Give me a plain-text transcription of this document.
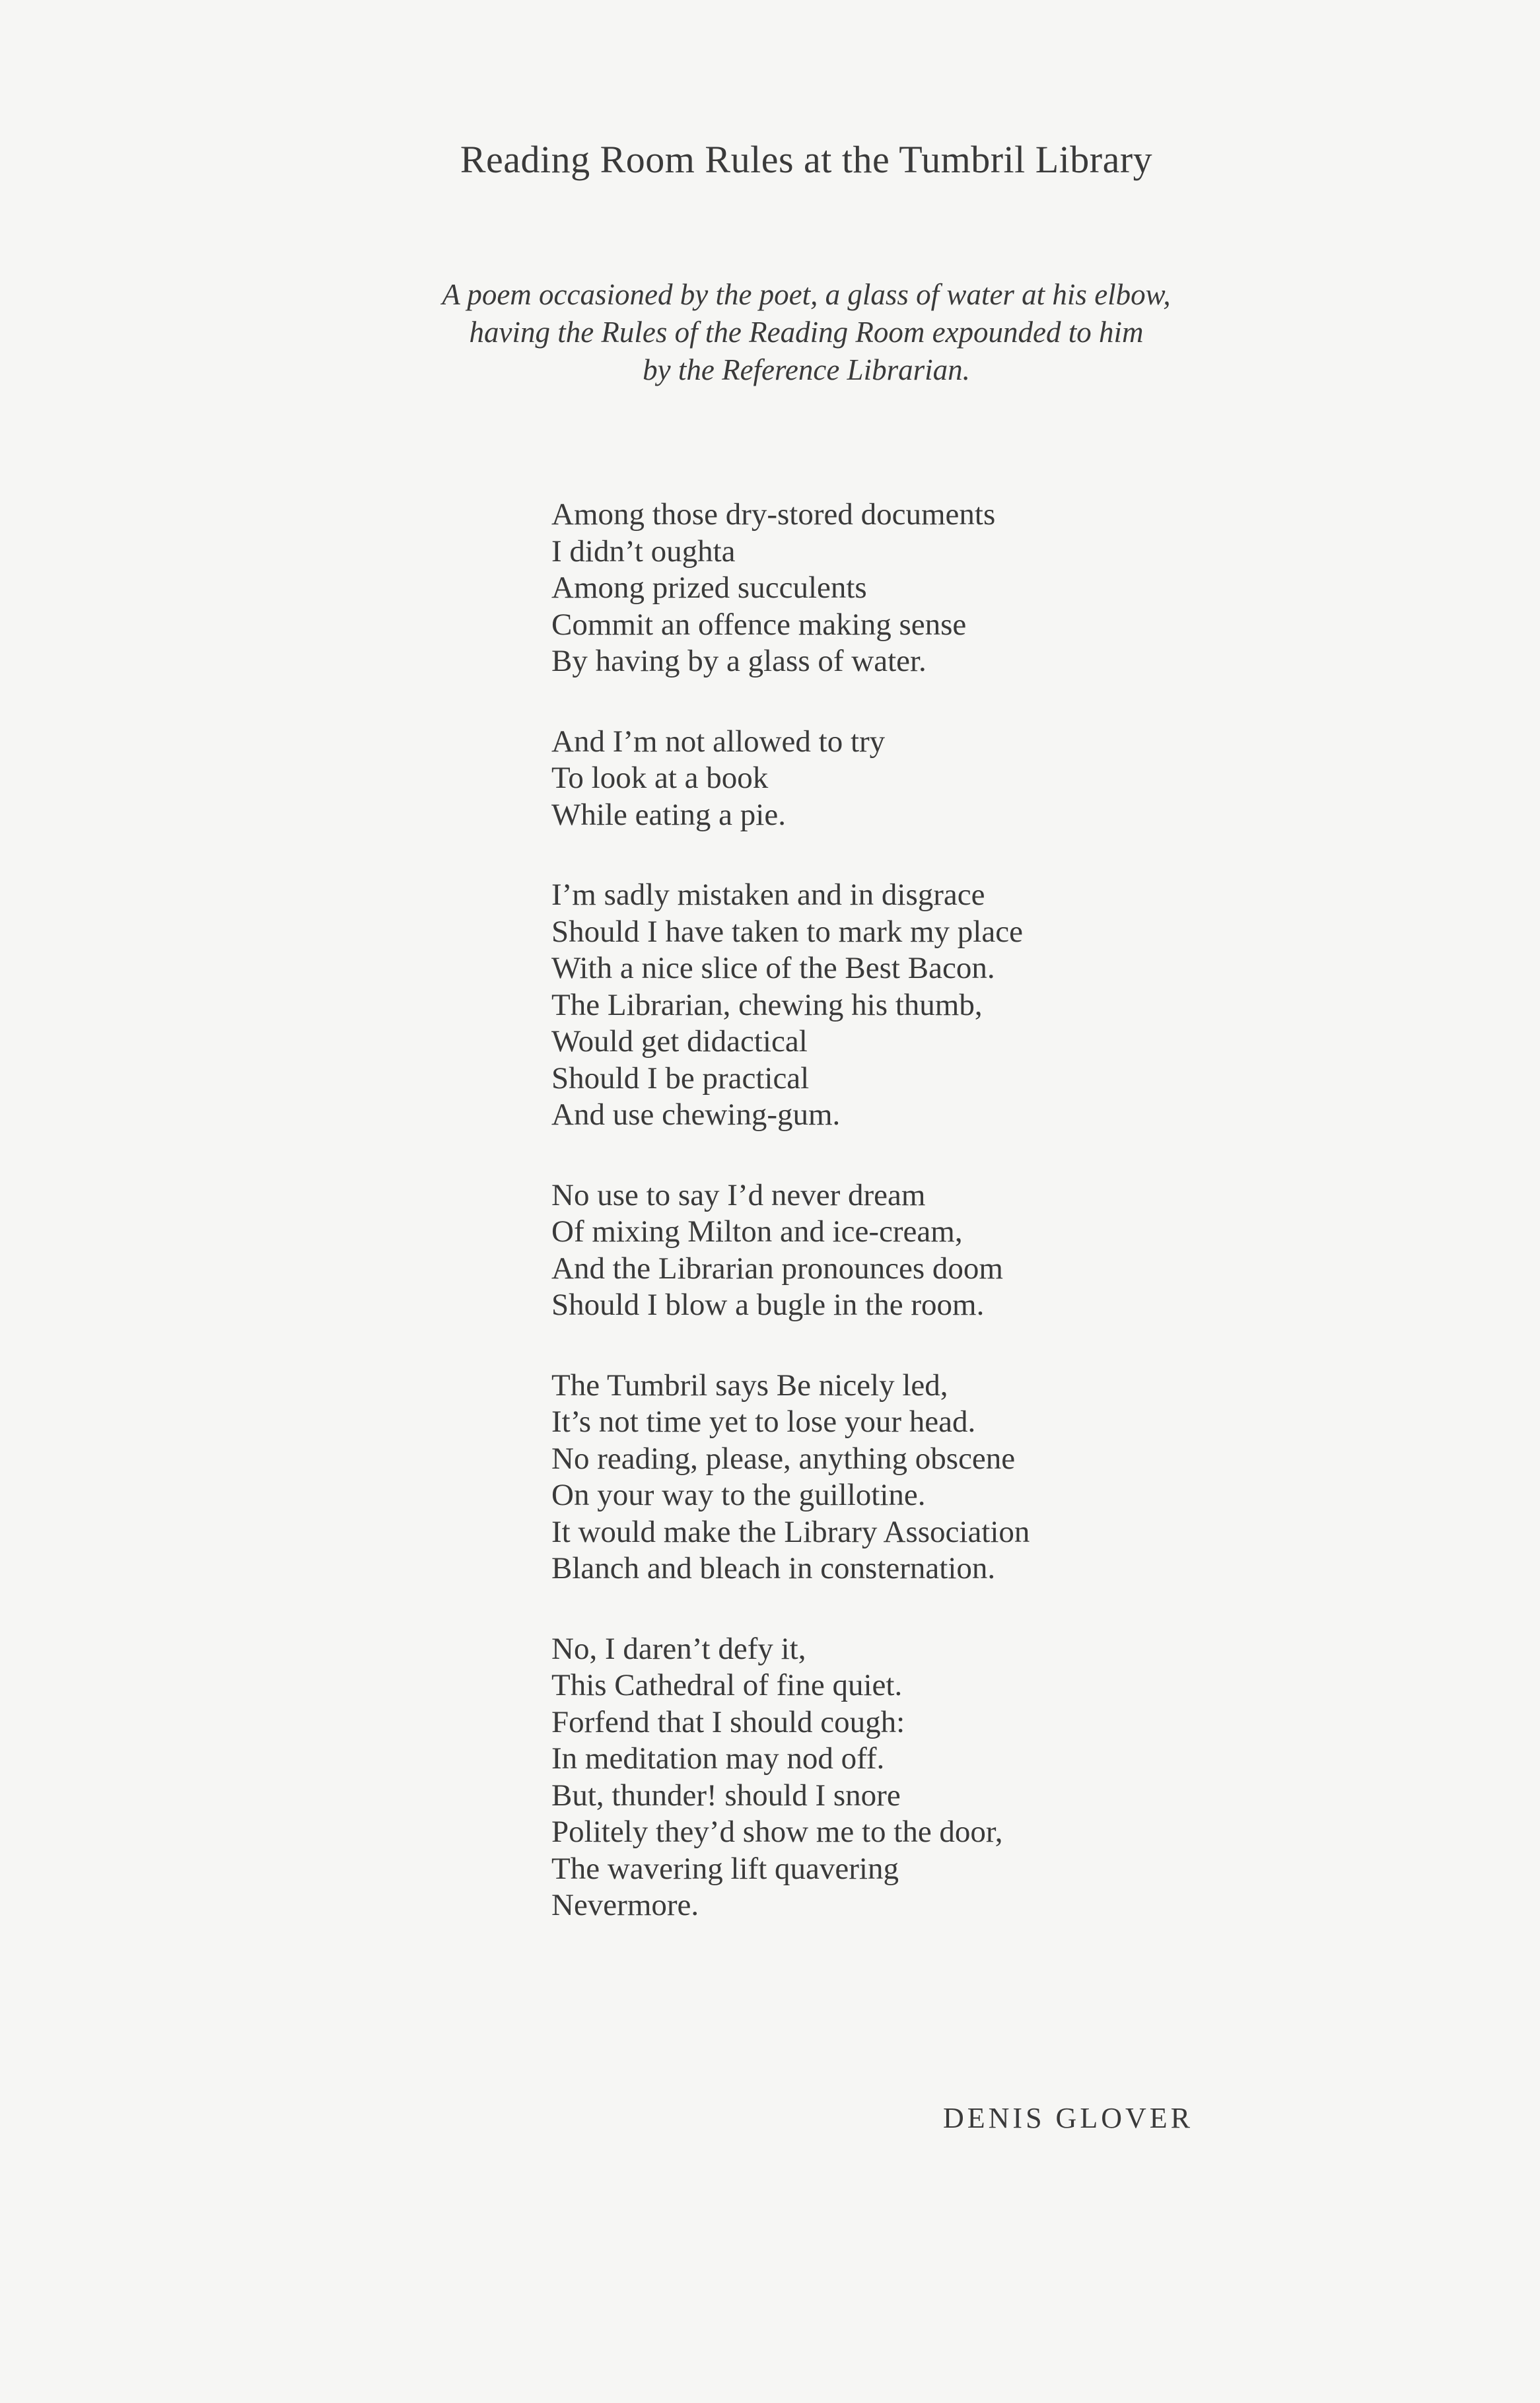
Reading Room Rules at the Tumbril Library
A poem occasioned by the poet, a glass of water at his elbow,
having the Rules of the Reading Room expounded to him
by the Reference Librarian.
Among those dry-stored documents
I didn’t oughta
Among prized succulents
Commit an offence making sense
By having by a glass of water.
And I’m not allowed to try
To look at a book
While eating a pie.
I’m sadly mistaken and in disgrace
Should I have taken to mark my place
With a nice slice of the Best Bacon.
The Librarian, chewing his thumb,
Would get didactical
Should I be practical
And use chewing-gum.
No use to say I’d never dream
Of mixing Milton and ice-cream,
And the Librarian pronounces doom
Should I blow a bugle in the room.
The Tumbril says Be nicely led,
It’s not time yet to lose your head.
No reading, please, anything obscene
On your way to the guillotine.
It would make the Library Association
Blanch and bleach in consternation.
No, I daren’t defy it,
This Cathedral of fine quiet.
Forfend that I should cough:
In meditation may nod off.
But, thunder! should I snore
Politely they’d show me to the door,
The wavering lift quavering
Nevermore.
DENIS GLOVER
